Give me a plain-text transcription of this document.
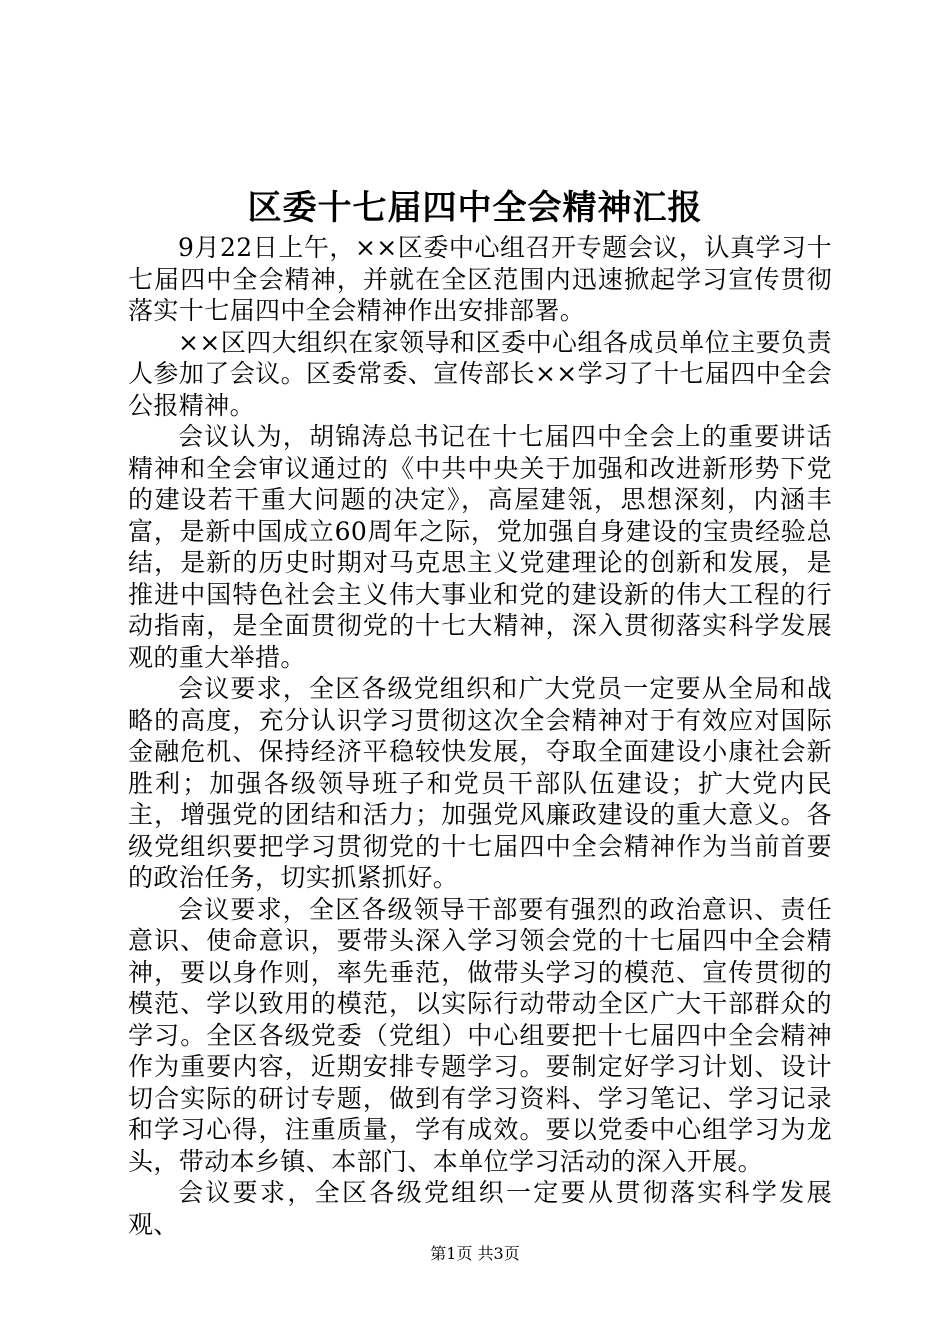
区委十七届四中全会精神汇报

9月22日上午，××区委中心组召开专题会议，认真学习十七届四中全会精神，并就在全区范围内迅速掀起学习宣传贯彻落实十七届四中全会精神作出安排部署。

××区四大组织在家领导和区委中心组各成员单位主要负责人参加了会议。区委常委、宣传部长××学习了十七届四中全会公报精神。

会议认为，胡锦涛总书记在十七届四中全会上的重要讲话精神和全会审议通过的《中共中央关于加强和改进新形势下党的建设若干重大问题的决定》，高屋建瓴，思想深刻，内涵丰富，是新中国成立60周年之际，党加强自身建设的宝贵经验总结，是新的历史时期对马克思主义党建理论的创新和发展，是推进中国特色社会主义伟大事业和党的建设新的伟大工程的行动指南，是全面贯彻党的十七大精神，深入贯彻落实科学发展观的重大举措。

会议要求，全区各级党组织和广大党员一定要从全局和战略的高度，充分认识学习贯彻这次全会精神对于有效应对国际金融危机、保持经济平稳较快发展，夺取全面建设小康社会新胜利；加强各级领导班子和党员干部队伍建设；扩大党内民主，增强党的团结和活力；加强党风廉政建设的重大意义。各级党组织要把学习贯彻党的十七届四中全会精神作为当前首要的政治任务，切实抓紧抓好。

会议要求，全区各级领导干部要有强烈的政治意识、责任意识、使命意识，要带头深入学习领会党的十七届四中全会精神，要以身作则，率先垂范，做带头学习的模范、宣传贯彻的模范、学以致用的模范，以实际行动带动全区广大干部群众的学习。全区各级党委（党组）中心组要把十七届四中全会精神作为重要内容，近期安排专题学习。要制定好学习计划、设计切合实际的研讨专题，做到有学习资料、学习笔记、学习记录和学习心得，注重质量，学有成效。要以党委中心组学习为龙头，带动本乡镇、本部门、本单位学习活动的深入开展。

会议要求，全区各级党组织一定要从贯彻落实科学发展观、

第1页 共3页
